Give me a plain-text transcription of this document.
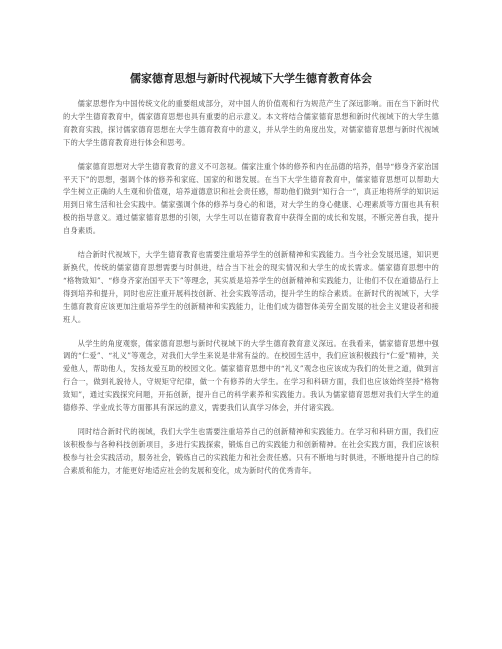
儒家德育思想与新时代视域下大学生德育教育体会

儒家思想作为中国传统文化的重要组成部分，对中国人的价值观和行为规范产生了深远影响。而在当下新时代的大学生德育教育中，儒家德育思想也具有重要的启示意义。本文将结合儒家德育思想和新时代视域下的大学生德育教育实践，探讨儒家德育思想在大学生德育教育中的意义，并从学生的角度出发，对儒家德育思想与新时代视域下的大学生德育教育进行体会和思考。

儒家德育思想对大学生德育教育的意义不可忽视。儒家注重个体的修养和内在品德的培养，倡导“修身齐家治国平天下”的思想，强调个体的修养和家庭、国家的和谐发展。在当下大学生德育教育中，儒家德育思想可以帮助大学生树立正确的人生观和价值观，培养道德意识和社会责任感，帮助他们做到“知行合一”，真正地将所学的知识运用到日常生活和社会实践中。儒家强调个体的修养与身心的和谐，对大学生的身心健康、心理素质等方面也具有积极的指导意义。通过儒家德育思想的引领，大学生可以在德育教育中获得全面的成长和发展，不断完善自我，提升自身素质。

结合新时代视域下，大学生德育教育也需要注重培养学生的创新精神和实践能力。当今社会发展迅速，知识更新换代，传统的儒家德育思想需要与时俱进，结合当下社会的现实情况和大学生的成长需求。儒家德育思想中的 “格物致知”、“修身齐家治国平天下”等理念，其实质是培养学生的创新精神和实践能力，让他们不仅在道德品行上得到培养和提升，同时也应注重开展科技创新、社会实践等活动，提升学生的综合素质。在新时代的视域下，大学生德育教育应该更加注重培养学生的创新精神和实践能力，让他们成为德智体美劳全面发展的社会主义建设者和接班人。

从学生的角度观察，儒家德育思想与新时代视域下的大学生德育教育意义深远。在我看来，儒家德育思想中强调的“仁爱”、“礼义”等观念，对我们大学生来说是非常有益的。在校园生活中，我们应该积极践行“仁爱”精神，关爱他人，帮助他人，发扬友爱互助的校园文化。儒家德育思想中的“礼义”观念也应该成为我们的处世之道，做到言行合一，做到礼貌待人，守规矩守纪律，做一个有修养的大学生。在学习和科研方面，我们也应该始终坚持“格物致知”，通过实践探究问题，开拓创新，提升自己的科学素养和实践能力。我认为儒家德育思想对我们大学生的道德修养、学业成长等方面都具有深远的意义，需要我们认真学习体会，并付诸实践。

同时结合新时代的视域，我们大学生也需要注重培养自己的创新精神和实践能力。在学习和科研方面，我们应该积极参与各种科技创新项目，多进行实践探索，锻炼自己的实践能力和创新精神。在社会实践方面，我们应该积极参与社会实践活动，服务社会，锻炼自己的实践能力和社会责任感。只有不断地与时俱进，不断地提升自己的综合素质和能力，才能更好地适应社会的发展和变化，成为新时代的优秀青年。
